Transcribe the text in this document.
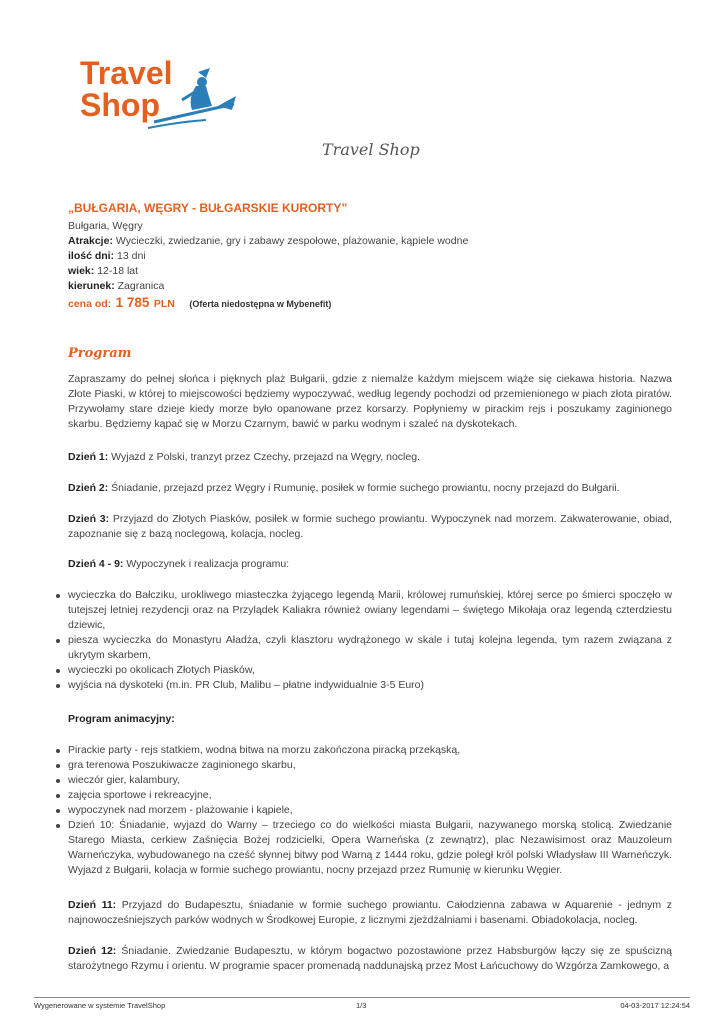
Travel
Shop
Travel Shop
„BUŁGARIA, WĘGRY - BUŁGARSKIE KURORTY”
Bułgaria, Węgry
Atrakcje: Wycieczki, zwiedzanie, gry i zabawy zespołowe, plażowanie, kąpiele wodne
ilość dni: 13 dni
wiek: 12-18 lat
kierunek: Zagranica
cena od: 1 785 PLN (Oferta niedostępna w Mybenefit)
Program

Zapraszamy do pełnej słońca i pięknych plaż Bułgarii, gdzie z niemalże każdym miejscem wiąże się ciekawa historia. Nazwa Złote Piaski, w której to miejscowości będziemy wypoczywać, według legendy pochodzi od przemienionego w piach złota piratów. Przywołamy stare dzieje kiedy morze było opanowane przez korsarzy. Popłyniemy w pirackim rejs i poszukamy zaginionego skarbu. Będziemy kąpać się w Morzu Czarnym, bawić w parku wodnym i szaleć na dyskotekach.

Dzień 1: Wyjazd z Polski, tranzyt przez Czechy, przejazd na Węgry, nocleg.

Dzień 2: Śniadanie, przejazd przez Węgry i Rumunię, posiłek w formie suchego prowiantu, nocny przejazd do Bułgarii.

Dzień 3: Przyjazd do Złotych Piasków, posiłek w formie suchego prowiantu. Wypoczynek nad morzem. Zakwaterowanie, obiad, zapoznanie się z bazą noclegową, kolacja, nocleg.

Dzień 4 - 9: Wypoczynek i realizacja programu:

wycieczka do Bałcziku, urokliwego miasteczka żyjącego legendą Marii, królowej rumuńskiej, której serce po śmierci spoczęło w tutejszej letniej rezydencji oraz na Przylądek Kaliakra również owiany legendami – świętego Mikołaja oraz legendą czterdziestu dziewic,
piesza wycieczka do Monastyru Aładża, czyli klasztoru wydrążonego w skale i tutaj kolejna legenda, tym razem związana z ukrytym skarbem,
wycieczki po okolicach Złotych Piasków,
wyjścia na dyskoteki (m.in. PR Club, Malibu – płatne indywidualnie 3-5 Euro)

Program animacyjny:

Pirackie party - rejs statkiem, wodna bitwa na morzu zakończona piracką przekąską,
gra terenowa Poszukiwacze zaginionego skarbu,
wieczór gier, kalambury,
zajęcia sportowe i rekreacyjne,
wypoczynek nad morzem - plażowanie i kąpiele,
Dzień 10: Śniadanie, wyjazd do Warny – trzeciego co do wielkości miasta Bułgarii, nazywanego morską stolicą. Zwiedzanie Starego Miasta, cerkiew Zaśnięcia Bożej rodzicielki, Opera Warneńska (z zewnątrz), plac Nezawisimost oraz Mauzoleum Warneńczyka, wybudowanego na cześć słynnej bitwy pod Warną z 1444 roku, gdzie poległ król polski Władysław III Warneńczyk. Wyjazd z Bułgarii, kolacja w formie suchego prowiantu, nocny przejazd przez Rumunię w kierunku Węgier.

Dzień 11: Przyjazd do Budapesztu, śniadanie w formie suchego prowiantu. Całodzienna zabawa w Aquarenie - jednym z najnowocześniejszych parków wodnych w Środkowej Europie, z licznymi zjeżdżalniami i basenami. Obiadokolacja, nocleg.

Dzień 12: Śniadanie. Zwiedzanie Budapesztu, w którym bogactwo pozostawione przez Habsburgów łączy się ze spuścizną starożytnego Rzymu i orientu. W programie spacer promenadą naddunajską przez Most Łańcuchowy do Wzgórza Zamkowego, a

Wygenerowane w systemie TravelShop	1/3	04-03-2017 12:24:54
